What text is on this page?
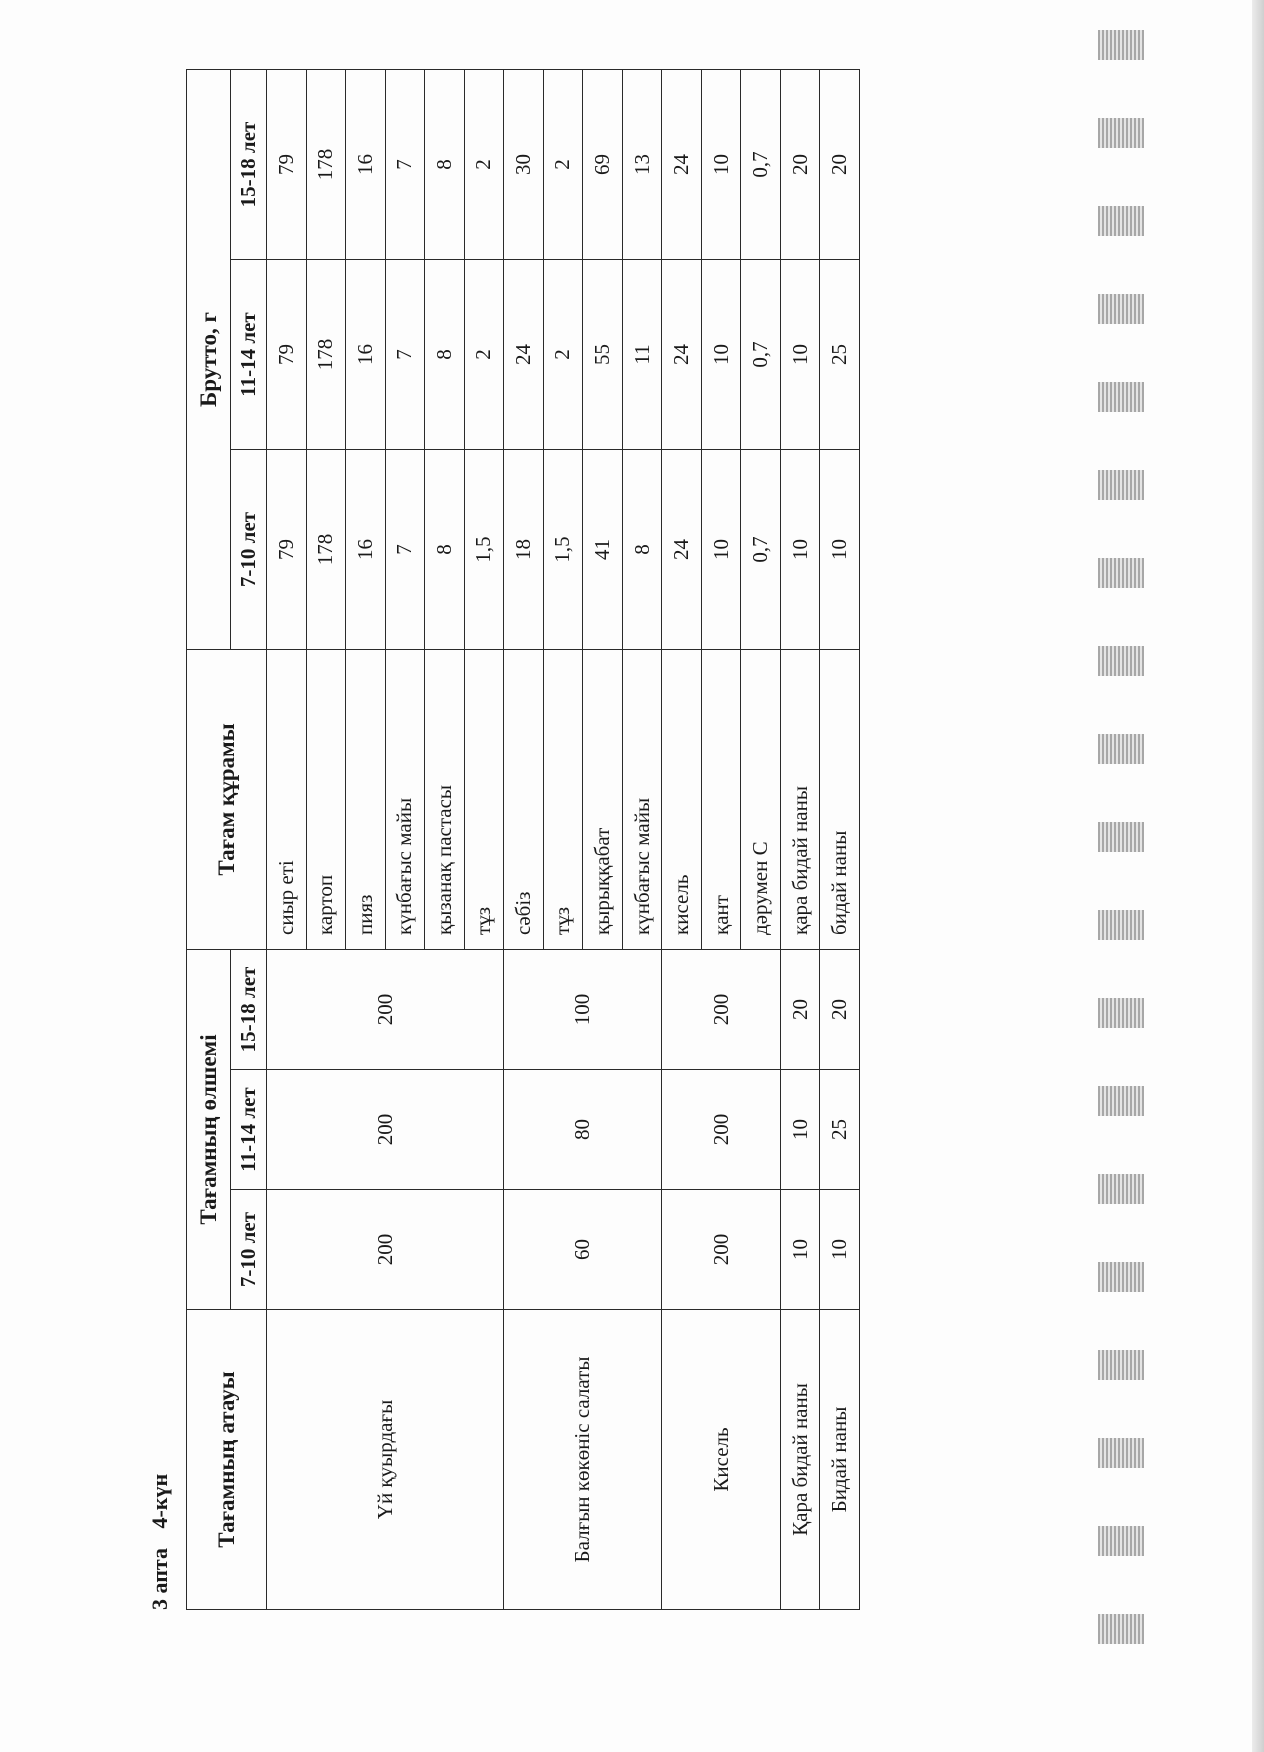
3 апта 4-күн	Тағамның атауы	Тағамның өлшемі			Тағам құрамы	Брутто, г		
	7-10 лет	11-14 лет	15-18 лет		7-10 лет	11-14 лет	15-18 лет
Үй қуырдағы	200	200	200	сиыр еті	79	79	79
				картоп	178	178	178
				пияз	16	16	16
				күнбағыс майы	7	7	7
				қызанақ пастасы	8	8	8
				тұз	1,5	2	2
Балғын көкөніс салаты	60	80	100	сәбіз	18	24	30
				тұз	1,5	2	2
				қырыққабат	41	55	69
				күнбағыс майы	8	11	13
Кисель	200	200	200	кисель	24	24	24
				қант	10	10	10
				дәрумен С	0,7	0,7	0,7
Қара бидай наны	10	10	20	қара бидай наны	10	10	20
Бидай наны	10	25	20	бидай наны	10	25	20
